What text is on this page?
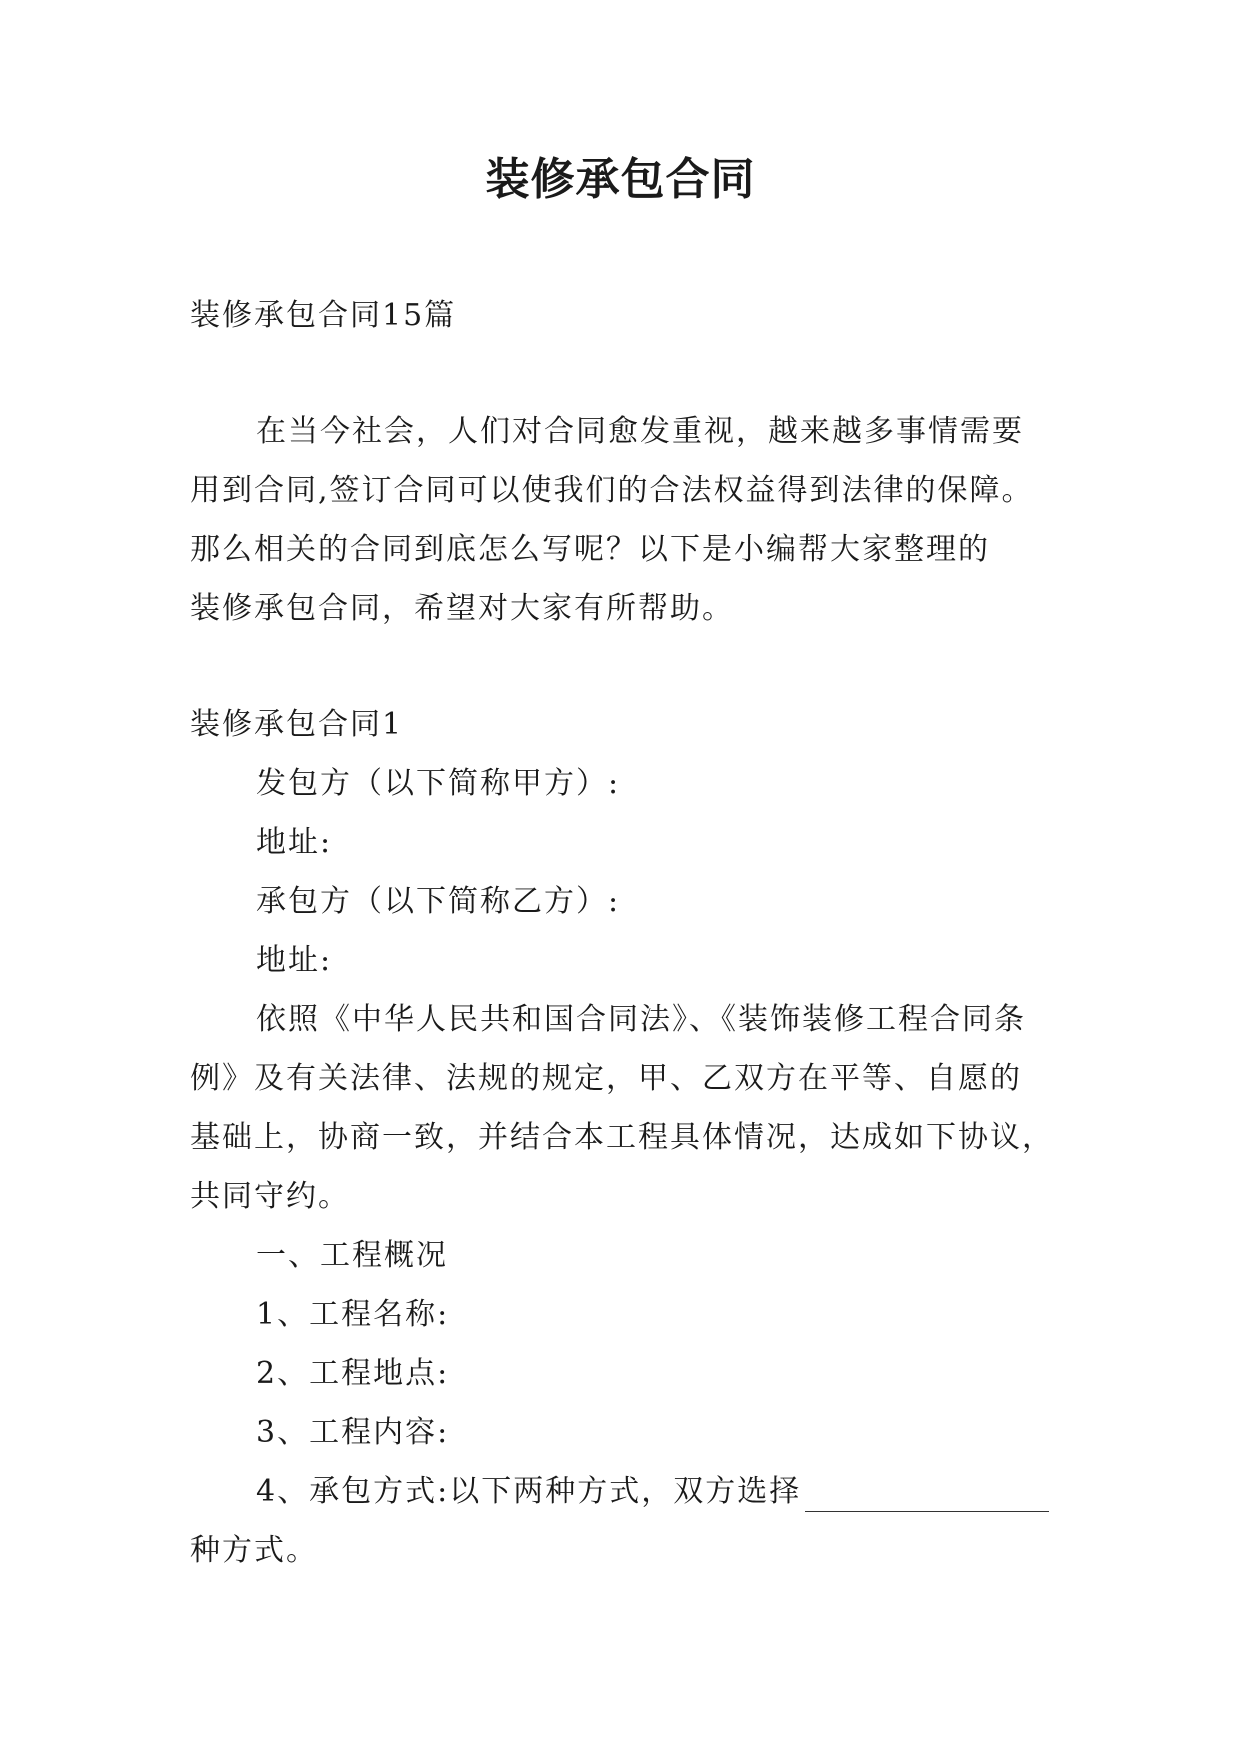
装修承包合同
装修承包合同15篇
在当今社会，人们对合同愈发重视，越来越多事情需要
用到合同,签订合同可以使我们的合法权益得到法律的保障。
那么相关的合同到底怎么写呢？以下是小编帮大家整理的
装修承包合同，希望对大家有所帮助。
装修承包合同1
发包方（以下简称甲方）:
地址:
承包方（以下简称乙方）:
地址:
依照《中华人民共和国合同法》、《装饰装修工程合同条
例》及有关法律、法规的规定，甲、乙双方在平等、自愿的
基础上，协商一致，并结合本工程具体情况，达成如下协议，
共同守约。
一、工程概况
1、工程名称:
2、工程地点:
3、工程内容:
4、承包方式:以下两种方式，双方选择
种方式。
